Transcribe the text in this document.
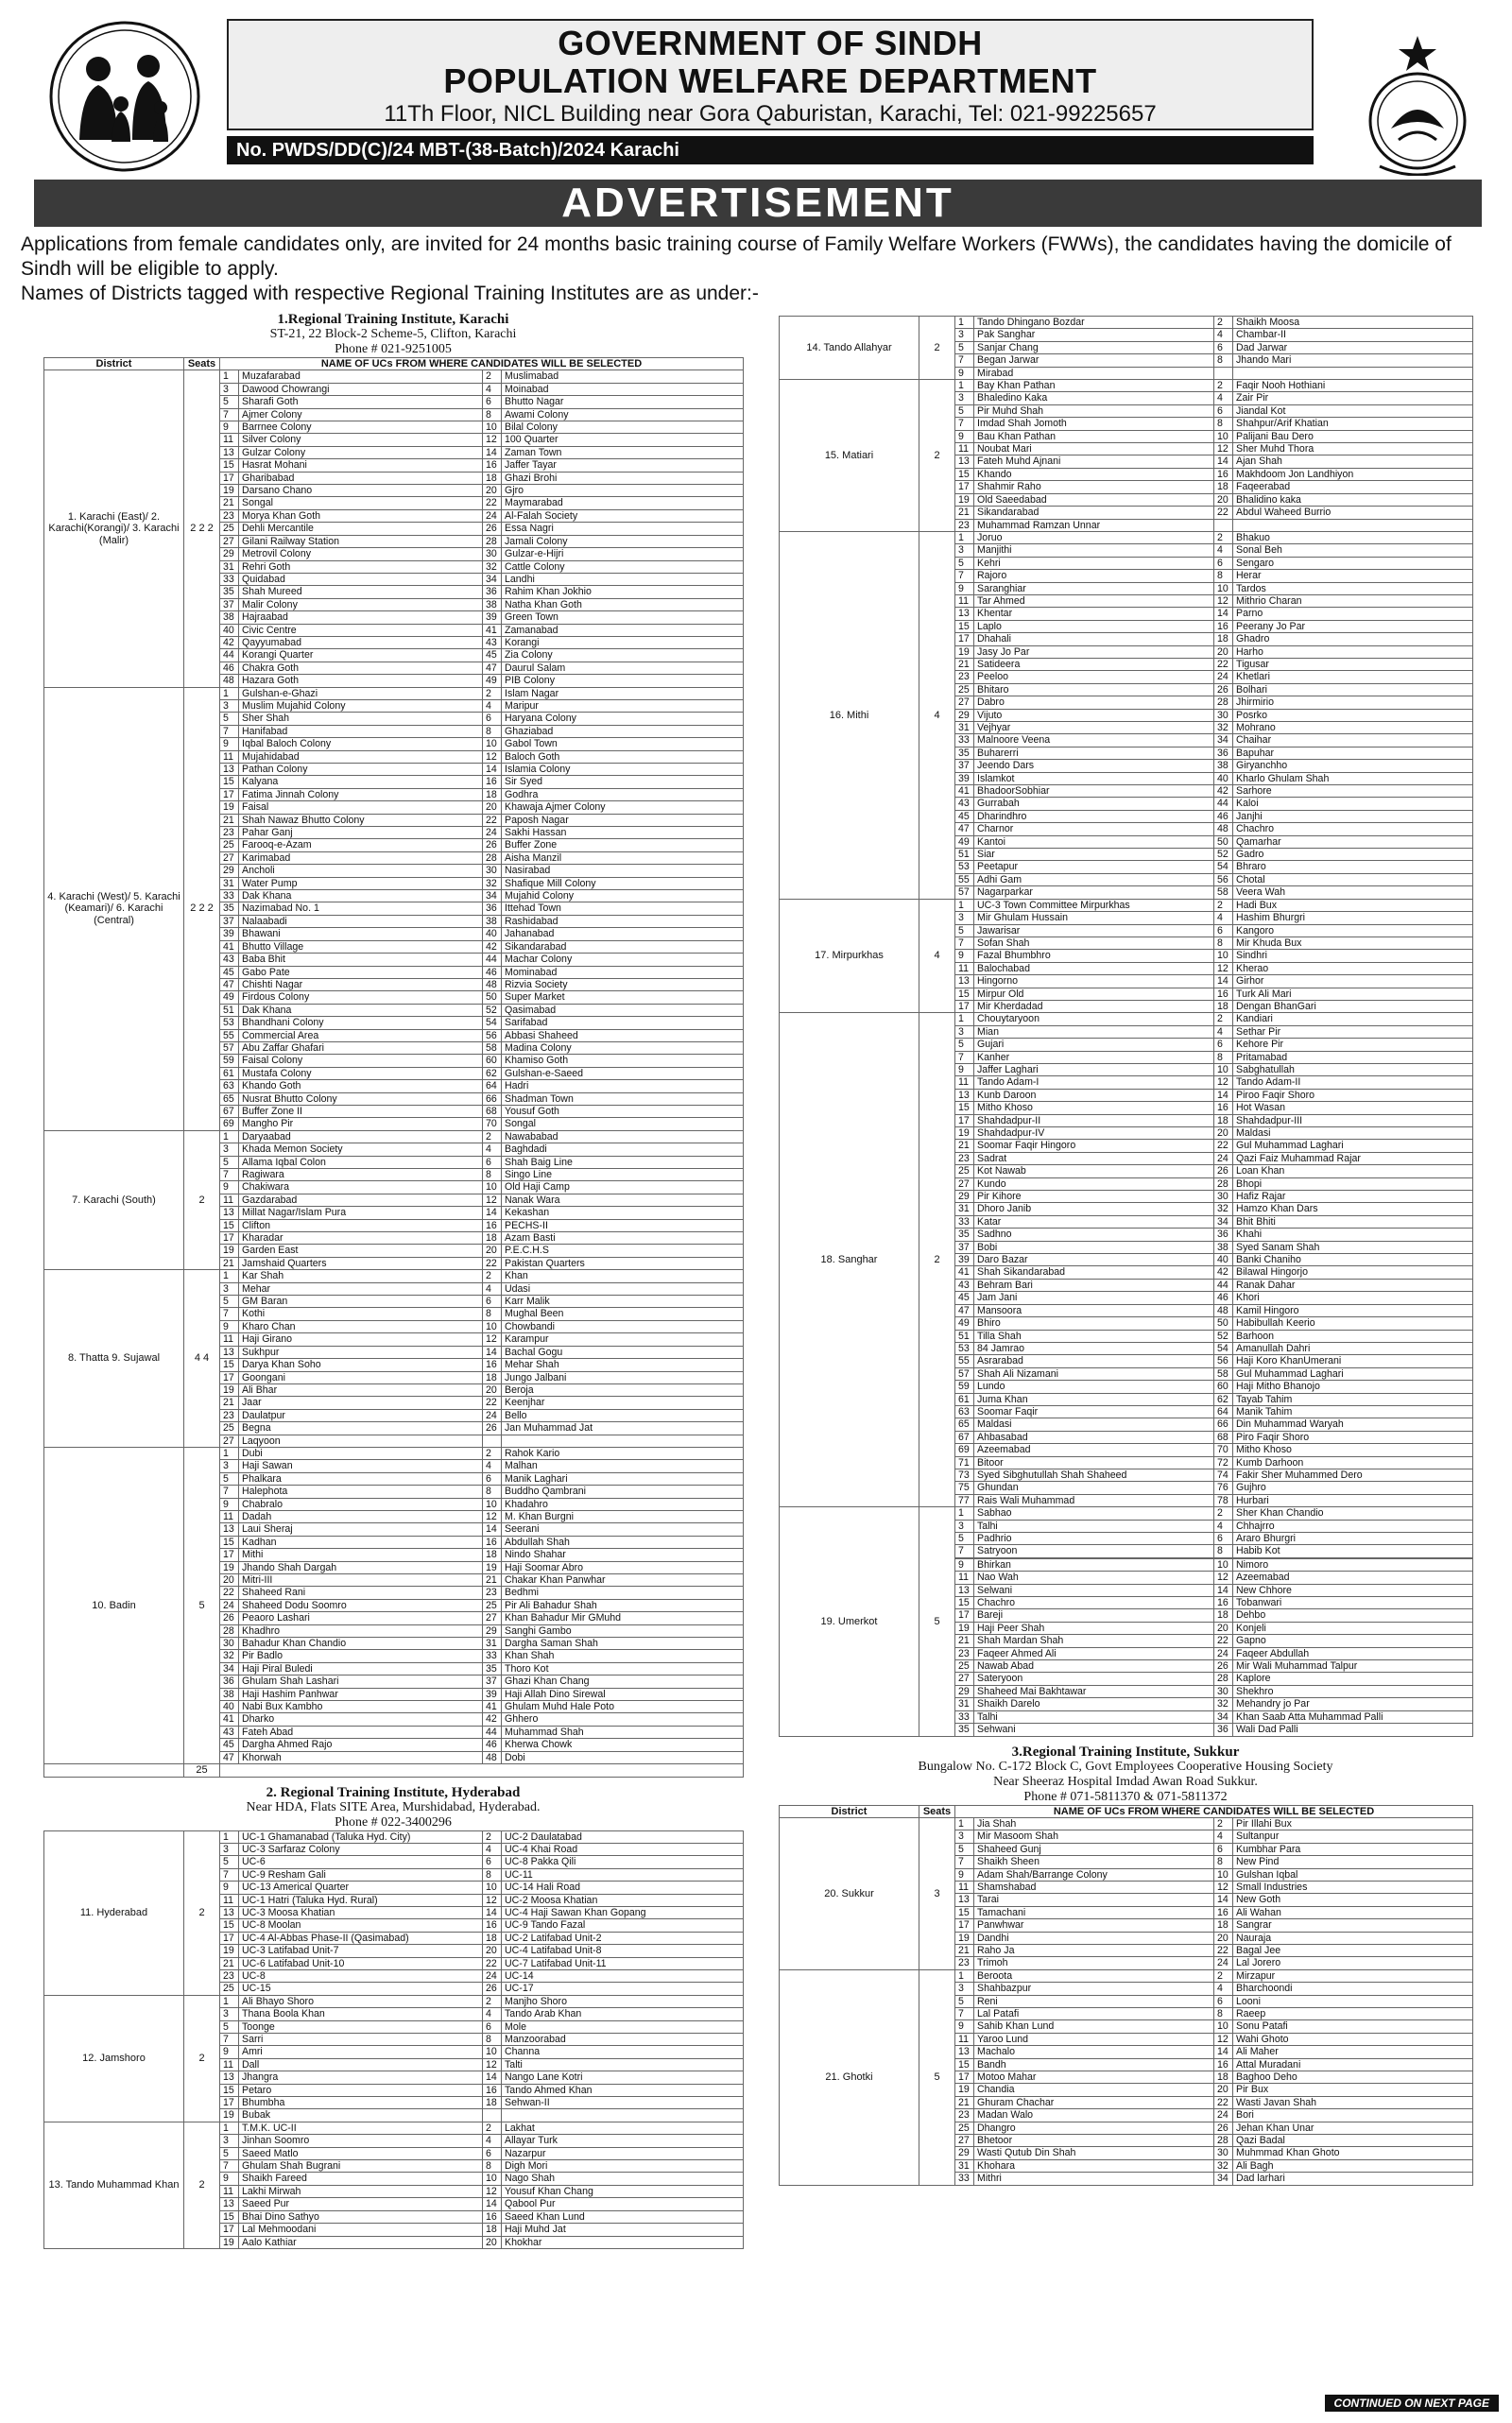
GOVERNMENT OF SINDH
POPULATION WELFARE DEPARTMENT
11Th Floor, NICL Building near Gora Qaburistan, Karachi, Tel: 021-99225657
No. PWDS/DD(C)/24 MBT-(38-Batch)/2024 Karachi
ADVERTISEMENT

Applications from female candidates only, are invited for 24 months basic training course of Family Welfare Workers (FWWs), the candidates having the domicile of Sindh will be eligible to apply.

Names of Districts tagged with respective Regional Training Institutes are as under:-

1.Regional Training Institute, Karachi
ST-21, 22 Block-2 Scheme-5, Clifton, Karachi
Phone # 021-9251005
District	Seats	NAME OF UCs FROM WHERE CANDIDATES WILL BE SELECTED			
1. Karachi (East)/ 2. Karachi(Korangi)/ 3. Karachi (Malir)	2 2 2	1	Muzafarabad	2	Muslimabad
		3	Dawood Chowrangi	4	Moinabad
		5	Sharafi Goth	6	Bhutto Nagar
		7	Ajmer Colony	8	Awami Colony
		9	Barrnee Colony	10	Bilal Colony
		11	Silver Colony	12	100 Quarter
		13	Gulzar Colony	14	Zaman Town
		15	Hasrat Mohani	16	Jaffer Tayar
		17	Gharibabad	18	Ghazi Brohi
		19	Darsano Chano	20	Gjro
		21	Songal	22	Maymarabad
		23	Morya Khan Goth	24	Al-Falah Society
		25	Dehli Mercantile	26	Essa Nagri
		27	Gilani Railway Station	28	Jamali Colony
		29	Metrovil Colony	30	Gulzar-e-Hijri
		31	Rehri Goth	32	Cattle Colony
		33	Quidabad	34	Landhi
		35	Shah Mureed	36	Rahim Khan Jokhio
		37	Malir Colony	38	Natha Khan Goth
		38	Hajraabad	39	Green Town
		40	Civic Centre	41	Zamanabad
		42	Qayyumabad	43	Korangi
		44	Korangi Quarter	45	Zia Colony
		46	Chakra Goth	47	Daurul Salam
		48	Hazara Goth	49	PIB Colony
4. Karachi (West)/ 5. Karachi (Keamari)/ 6. Karachi (Central)	2 2 2	1	Gulshan-e-Ghazi	2	Islam Nagar
		3	Muslim Mujahid Colony	4	Maripur
		5	Sher Shah	6	Haryana Colony
		7	Hanifabad	8	Ghaziabad
		9	Iqbal Baloch Colony	10	Gabol Town
		11	Mujahidabad	12	Baloch Goth
		13	Pathan Colony	14	Islamia Colony
		15	Kalyana	16	Sir Syed
		17	Fatima Jinnah Colony	18	Godhra
		19	Faisal	20	Khawaja Ajmer Colony
		21	Shah Nawaz Bhutto Colony	22	Paposh Nagar
		23	Pahar Ganj	24	Sakhi Hassan
		25	Farooq-e-Azam	26	Buffer Zone
		27	Karimabad	28	Aisha Manzil
		29	Ancholi	30	Nasirabad
		31	Water Pump	32	Shafique Mill Colony
		33	Dak Khana	34	Mujahid Colony
		35	Nazimabad No. 1	36	Ittehad Town
		37	Nalaabadi	38	Rashidabad
		39	Bhawani	40	Jahanabad
		41	Bhutto Village	42	Sikandarabad
		43	Baba Bhit	44	Machar Colony
		45	Gabo Pate	46	Mominabad
		47	Chishti Nagar	48	Rizvia Society
		49	Firdous Colony	50	Super Market
		51	Dak Khana	52	Qasimabad
		53	Bhandhani Colony	54	Sarifabad
		55	Commercial Area	56	Abbasi Shaheed
		57	Abu Zaffar Ghafari	58	Madina Colony
		59	Faisal Colony	60	Khamiso Goth
		61	Mustafa Colony	62	Gulshan-e-Saeed
		63	Khando Goth	64	Hadri
		65	Nusrat Bhutto Colony	66	Shadman Town
		67	Buffer Zone II	68	Yousuf Goth
		69	Mangho Pir	70	Songal
7. Karachi (South)	2	1	Daryaabad	2	Nawababad
		3	Khada Memon Society	4	Baghdadi
		5	Allama Iqbal Colon	6	Shah Baig Line
		7	Ragiwara	8	Singo Line
		9	Chakiwara	10	Old Haji Camp
		11	Gazdarabad	12	Nanak Wara
		13	Millat Nagar/Islam Pura	14	Kekashan
		15	Clifton	16	PECHS-II
		17	Kharadar	18	Azam Basti
		19	Garden East	20	P.E.C.H.S
		21	Jamshaid Quarters	22	Pakistan Quarters
8. Thatta 9. Sujawal	4 4	1	Kar Shah	2	Khan
		3	Mehar	4	Udasi
		5	GM Baran	6	Karr Malik
		7	Kothi	8	Mughal Been
		9	Kharo Chan	10	Chowbandi
		11	Haji Girano	12	Karampur
		13	Sukhpur	14	Bachal Gogu
		15	Darya Khan Soho	16	Mehar Shah
		17	Goongani	18	Jungo Jalbani
		19	Ali Bhar	20	Beroja
		21	Jaar	22	Keenjhar
		23	Daulatpur	24	Bello
		25	Begna	26	Jan Muhammad Jat
		27	Laqyoon		
10. Badin	5	1	Dubi	2	Rahok Kario
		3	Haji Sawan	4	Malhan
		5	Phalkara	6	Manik Laghari
		7	Halephota	8	Buddho Qambrani
		9	Chabralo	10	Khadahro
		11	Dadah	12	M. Khan Burgni
		13	Laui Sheraj	14	Seerani
		15	Kadhan	16	Abdullah Shah
		17	Mithi	18	Nindo Shahar
		19	Jhando Shah Dargah	19	Haji Soomar Abro
		20	Mitri-III	21	Chakar Khan Panwhar
		22	Shaheed Rani	23	Bedhmi
		24	Shaheed Dodu Soomro	25	Pir Ali Bahadur Shah
		26	Peaoro Lashari	27	Khan Bahadur Mir GMuhd
		28	Khadhro	29	Sanghi Gambo
		30	Bahadur Khan Chandio	31	Dargha Saman Shah
		32	Pir Badlo	33	Khan Shah
		34	Haji Piral Buledi	35	Thoro Kot
		36	Ghulam Shah Lashari	37	Ghazi Khan Chang
		38	Haji Hashim Panhwar	39	Haji Allah Dino Sirewal
		40	Nabi Bux Kambho	41	Ghulam Muhd Hale Poto
		41	Dharko	42	Ghhero
		43	Fateh Abad	44	Muhammad Shah
		45	Dargha Ahmed Rajo	46	Kherwa Chowk
		47	Khorwah	48	Dobi
	25				
2. Regional Training Institute, Hyderabad
Near HDA, Flats SITE Area, Murshidabad, Hyderabad.
Phone # 022-3400296
11. Hyderabad	2	1	UC-1 Ghamanabad (Taluka Hyd. City)	2	UC-2 Daulatabad
		3	UC-3 Sarfaraz Colony	4	UC-4 Khai Road
		5	UC-6	6	UC-8 Pakka Qili
		7	UC-9 Resham Gali	8	UC-11
		9	UC-13 Americal Quarter	10	UC-14 Hali Road
		11	UC-1 Hatri (Taluka Hyd. Rural)	12	UC-2 Moosa Khatian
		13	UC-3 Moosa Khatian	14	UC-4 Haji Sawan Khan Gopang
		15	UC-8 Moolan	16	UC-9 Tando Fazal
		17	UC-4 Al-Abbas Phase-II (Qasimabad)	18	UC-2 Latifabad Unit-2
		19	UC-3 Latifabad Unit-7	20	UC-4 Latifabad Unit-8
		21	UC-6 Latifabad Unit-10	22	UC-7 Latifabad Unit-11
		23	UC-8	24	UC-14
		25	UC-15	26	UC-17
12. Jamshoro	2	1	Ali Bhayo Shoro	2	Manjho Shoro
		3	Thana Boola Khan	4	Tando Arab Khan
		5	Toonge	6	Mole
		7	Sarri	8	Manzoorabad
		9	Amri	10	Channa
		11	Dall	12	Talti
		13	Jhangra	14	Nango Lane Kotri
		15	Petaro	16	Tando Ahmed Khan
		17	Bhumbha	18	Sehwan-II
		19	Bubak		
13. Tando Muhammad Khan	2	1	T.M.K. UC-II	2	Lakhat
		3	Jinhan Soomro	4	Allayar Turk
		5	Saeed Matlo	6	Nazarpur
		7	Ghulam Shah Bugrani	8	Digh Mori
		9	Shaikh Fareed	10	Nago Shah
		11	Lakhi Mirwah	12	Yousuf Khan Chang
		13	Saeed Pur	14	Qabool Pur
		15	Bhai Dino Sathyo	16	Saeed Khan Lund
		17	Lal Mehmoodani	18	Haji Muhd Jat
		19	Aalo Kathiar	20	Khokhar
14. Tando Allahyar	2	1	Tando Dhingano Bozdar	2	Shaikh Moosa
		3	Pak Sanghar	4	Chambar-II
		5	Sanjar Chang	6	Dad Jarwar
		7	Began Jarwar	8	Jhando Mari
		9	Mirabad		
15. Matiari	2	1	Bay Khan Pathan	2	Faqir Nooh Hothiani
		3	Bhaledino Kaka	4	Zair Pir
		5	Pir Muhd Shah	6	Jiandal Kot
		7	Imdad Shah Jomoth	8	Shahpur/Arif Khatian
		9	Bau Khan Pathan	10	Palijani Bau Dero
		11	Noubat Mari	12	Sher Muhd Thora
		13	Fateh Muhd Ajnani	14	Ajan Shah
		15	Khando	16	Makhdoom Jon Landhiyon
		17	Shahmir Raho	18	Faqeerabad
		19	Old Saeedabad	20	Bhalidino kaka
		21	Sikandarabad	22	Abdul Waheed Burrio
		23	Muhammad Ramzan Unnar		
16. Mithi	4	1	Joruo	2	Bhakuo
		3	Manjithi	4	Sonal Beh
		5	Kehri	6	Sengaro
		7	Rajoro	8	Herar
		9	Saranghiar	10	Tardos
		11	Tar Ahmed	12	Mithrio Charan
		13	Khentar	14	Parno
		15	Laplo	16	Peerany Jo Par
		17	Dhahali	18	Ghadro
		19	Jasy Jo Par	20	Harho
		21	Satideera	22	Tigusar
		23	Peeloo	24	Khetlari
		25	Bhitaro	26	Bolhari
		27	Dabro	28	Jhirmirio
		29	Vijuto	30	Posrko
		31	Vejhyar	32	Mohrano
		33	Malnoore Veena	34	Chaihar
		35	Buharerri	36	Bapuhar
		37	Jeendo Dars	38	Giryanchho
		39	Islamkot	40	Kharlo Ghulam Shah
		41	BhadoorSobhiar	42	Sarhore
		43	Gurrabah	44	Kaloi
		45	Dharindhro	46	Janjhi
		47	Charnor	48	Chachro
		49	Kantoi	50	Qamarhar
		51	Siar	52	Gadro
		53	Peetapur	54	Bhraro
		55	Adhi Gam	56	Chotal
		57	Nagarparkar	58	Veera Wah
17. Mirpurkhas	4	1	UC-3 Town Committee Mirpurkhas	2	Hadi Bux
		3	Mir Ghulam Hussain	4	Hashim Bhurgri
		5	Jawarisar	6	Kangoro
		7	Sofan Shah	8	Mir Khuda Bux
		9	Fazal Bhumbhro	10	Sindhri
		11	Balochabad	12	Kherao
		13	Hingorno	14	Girhor
		15	Mirpur Old	16	Turk Ali Mari
		17	Mir Kherdadad	18	Dengan BhanGari
18. Sanghar	2	1	Chouytaryoon	2	Kandiari
		3	Mian	4	Sethar Pir
		5	Gujari	6	Kehore Pir
		7	Kanher	8	Pritamabad
		9	Jaffer Laghari	10	Sabghatullah
		11	Tando Adam-I	12	Tando Adam-II
		13	Kunb Daroon	14	Piroo Faqir Shoro
		15	Mitho Khoso	16	Hot Wasan
		17	Shahdadpur-II	18	Shahdadpur-III
		19	Shahdadpur-IV	20	Maldasi
		21	Soomar Faqir Hingoro	22	Gul Muhammad Laghari
		23	Sadrat	24	Qazi Faiz Muhammad Rajar
		25	Kot Nawab	26	Loan Khan
		27	Kundo	28	Bhopi
		29	Pir Kihore	30	Hafiz Rajar
		31	Dhoro Janib	32	Hamzo Khan Dars
		33	Katar	34	Bhit Bhiti
		35	Sadhno	36	Khahi
		37	Bobi	38	Syed Sanam Shah
		39	Daro Bazar	40	Banki Chaniho
		41	Shah Sikandarabad	42	Bilawal Hingorjo
		43	Behram Bari	44	Ranak Dahar
		45	Jam Jani	46	Khori
		47	Mansoora	48	Kamil Hingoro
		49	Bhiro	50	Habibullah Keerio
		51	Tilla Shah	52	Barhoon
		53	84 Jamrao	54	Amanullah Dahri
		55	Asrarabad	56	Haji Koro KhanUmerani
		57	Shah Ali Nizamani	58	Gul Muhammad Laghari
		59	Lundo	60	Haji Mitho Bhanojo
		61	Juma Khan	62	Tayab Tahim
		63	Soomar Faqir	64	Manik Tahim
		65	Maldasi	66	Din Muhammad Waryah
		67	Ahbasabad	68	Piro Faqir Shoro
		69	Azeemabad	70	Mitho Khoso
		71	Bitoor	72	Kumb Darhoon
		73	Syed Sibghutullah Shah Shaheed	74	Fakir Sher Muhammed Dero
		75	Ghundan	76	Gujhro
		77	Rais Wali Muhammad	78	Hurbari
19. Umerkot	5	1	Sabhao	2	Sher Khan Chandio
		3	Talhi	4	Chhajrro
		5	Padhrio	6	Araro Bhurgri
		7	Satryoon	8	Habib Kot

		9	Bhirkan	10	Nimoro
		11	Nao Wah	12	Azeemabad
		13	Selwani	14	New Chhore
		15	Chachro	16	Tobanwari
		17	Bareji	18	Dehbo
		19	Haji Peer Shah	20	Konjeli
		21	Shah Mardan Shah	22	Gapno
		23	Faqeer Ahmed Ali	24	Faqeer Abdullah
		25	Nawab Abad	26	Mir Wali Muhammad Talpur
		27	Sateryoon	28	Kaplore
		29	Shaheed Mai Bakhtawar	30	Shekhro
		31	Shaikh Darelo	32	Mehandry jo Par
		33	Talhi	34	Khan Saab Atta Muhammad Palli
		35	Sehwani	36	Wali Dad Palli
3.Regional Training Institute, Sukkur
Bungalow No. C-172 Block C, Govt Employees Cooperative Housing Society
Near Sheeraz Hospital Imdad Awan Road Sukkur.
Phone # 071-5811370 & 071-5811372
District	Seats	NAME OF UCs FROM WHERE CANDIDATES WILL BE SELECTED			
20. Sukkur	3	1	Jia Shah	2	Pir Illahi Bux
		3	Mir Masoom Shah	4	Sultanpur
		5	Shaheed Gunj	6	Kumbhar Para
		7	Shaikh Sheen	8	New Pind
		9	Adam Shah/Barrange Colony	10	Gulshan Iqbal
		11	Shamshabad	12	Small Industries
		13	Tarai	14	New Goth
		15	Tamachani	16	Ali Wahan
		17	Panwhwar	18	Sangrar
		19	Dandhi	20	Nauraja
		21	Raho Ja	22	Bagal Jee
		23	Trimoh	24	Lal Jorero
21. Ghotki	5	1	Beroota	2	Mirzapur
		3	Shahbazpur	4	Bharchoondi
		5	Reni	6	Looni
		7	Lal Patafi	8	Raeep
		9	Sahib Khan Lund	10	Sonu Patafi
		11	Yaroo Lund	12	Wahi Ghoto
		13	Machalo	14	Ali Maher
		15	Bandh	16	Attal Muradani
		17	Motoo Mahar	18	Baghoo Deho
		19	Chandia	20	Pir Bux
		21	Ghuram Chachar	22	Wasti Javan Shah
		23	Madan Walo	24	Bori
		25	Dhangro	26	Jehan Khan Unar
		27	Bhetoor	28	Qazi Badal
		29	Wasti Qutub Din Shah	30	Muhmmad Khan Ghoto
		31	Khohara	32	Ali Bagh
		33	Mithri	34	Dad larhari
CONTINUED ON NEXT PAGE
